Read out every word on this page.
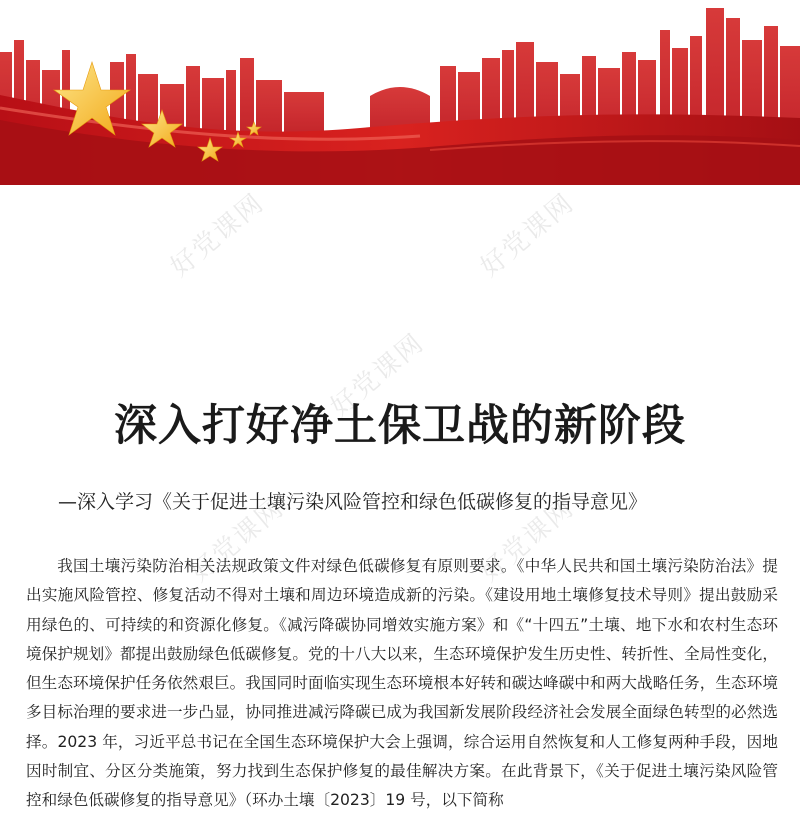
好党课网	好党课网
好党课网
好党课网	好党课网
深入打好净土保卫战的新阶段
—深入学习《关于促进土壤污染风险管控和绿色低碳修复的指导意见》
我国土壤污染防治相关法规政策文件对绿色低碳修复有原则要求。《中华人民共和国土壤污染防治法》提出实施风险管控、修复活动不得对土壤和周边环境造成新的污染。《建设用地土壤修复技术导则》提出鼓励采用绿色的、可持续的和资源化修复。《减污降碳协同增效实施方案》和《“十四五”土壤、地下水和农村生态环境保护规划》都提出鼓励绿色低碳修复。党的十八大以来，生态环境保护发生历史性、转折性、全局性变化，但生态环境保护任务依然艰巨。我国同时面临实现生态环境根本好转和碳达峰碳中和两大战略任务，生态环境多目标治理的要求进一步凸显，协同推进减污降碳已成为我国新发展阶段经济社会发展全面绿色转型的必然选择。2023 年，习近平总书记在全国生态环境保护大会上强调，综合运用自然恢复和人工修复两种手段，因地因时制宜、分区分类施策，努力找到生态保护修复的最佳解决方案。在此背景下，《关于促进土壤污染风险管控和绿色低碳修复的指导意见》（环办土壤〔2023〕19 号，以下简称
